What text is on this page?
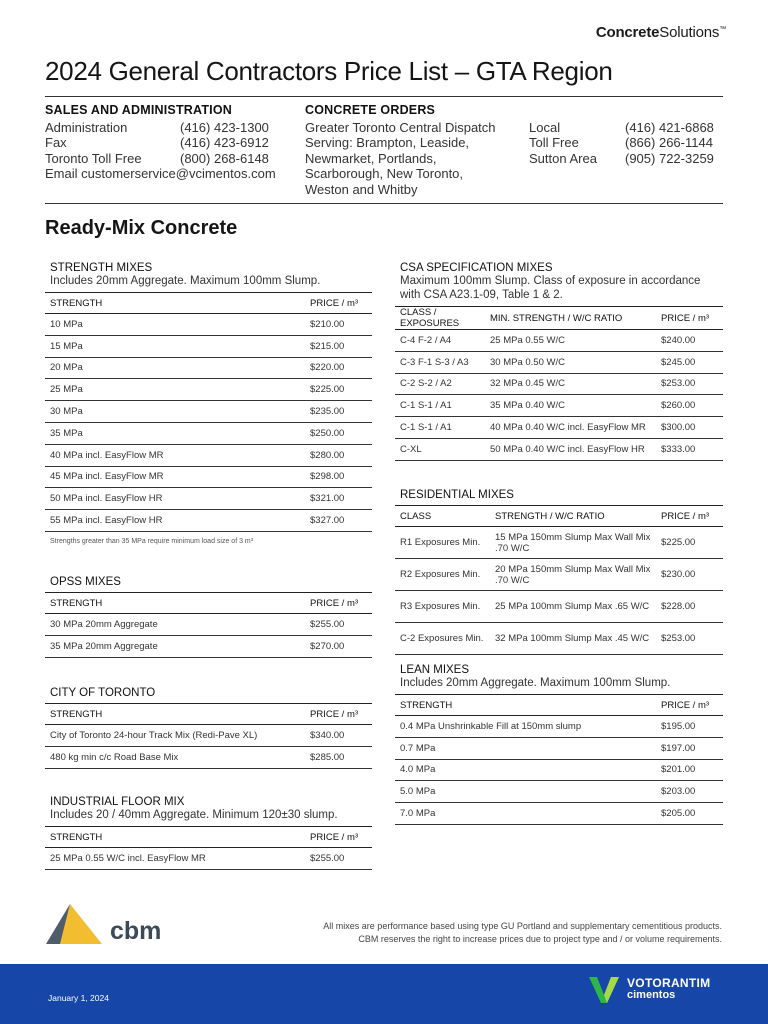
ConcreteSolutions™
2024 General Contractors Price List – GTA Region
SALES AND ADMINISTRATION
Administration	(416) 423-1300
Fax	(416) 423-6912
Toronto Toll Free	(800) 268-6148
Email customerservice@vcimentos.com
CONCRETE ORDERS
Greater Toronto Central Dispatch
Serving: Brampton, Leaside,
Newmarket, Portlands,
Scarborough, New Toronto,
Weston and Whitby
Local	(416) 421-6868
Toll Free	(866) 266-1144
Sutton Area	(905) 722-3259
Ready-Mix Concrete
STRENGTH MIXES
Includes 20mm Aggregate. Maximum 100mm Slump.
STRENGTH	PRICE / m³
10 MPa	$210.00
15 MPa	$215.00
20 MPa	$220.00
25 MPa	$225.00
30 MPa	$235.00
35 MPa	$250.00
40 MPa incl. EasyFlow MR	$280.00
45 MPa incl. EasyFlow MR	$298.00
50 MPa incl. EasyFlow HR	$321.00
55 MPa incl. EasyFlow HR	$327.00
Strengths greater than 35 MPa require minimum load size of 3 m³
OPSS MIXES
STRENGTH	PRICE / m³
30 MPa 20mm Aggregate	$255.00
35 MPa 20mm Aggregate	$270.00
CITY OF TORONTO
STRENGTH	PRICE / m³
City of Toronto 24-hour Track Mix (Redi-Pave XL)	$340.00
480 kg min c/c Road Base Mix	$285.00
INDUSTRIAL FLOOR MIX
Includes 20 / 40mm Aggregate. Minimum 120±30 slump.
STRENGTH	PRICE / m³
25 MPa 0.55 W/C incl. EasyFlow MR	$255.00
CSA SPECIFICATION MIXES
Maximum 100mm Slump. Class of exposure in accordance with CSA A23.1-09, Table 1 & 2.
CLASS / EXPOSURES	MIN. STRENGTH / W/C RATIO	PRICE / m³
C-4 F-2 / A4	25 MPa 0.55 W/C	$240.00
C-3 F-1 S-3 / A3	30 MPa 0.50 W/C	$245.00
C-2 S-2 / A2	32 MPa 0.45 W/C	$253.00
C-1 S-1 / A1	35 MPa 0.40 W/C	$260.00
C-1 S-1 / A1	40 MPa 0.40 W/C incl. EasyFlow MR	$300.00
C-XL	50 MPa 0.40 W/C incl. EasyFlow HR	$333.00
RESIDENTIAL MIXES
CLASS	STRENGTH / W/C RATIO	PRICE / m³
R1 Exposures Min.	15 MPa 150mm Slump Max Wall Mix .70 W/C	$225.00
R2 Exposures Min.	20 MPa 150mm Slump Max Wall Mix .70 W/C	$230.00
R3 Exposures Min.	25 MPa 100mm Slump Max .65 W/C	$228.00
C-2 Exposures Min.	32 MPa 100mm Slump Max .45 W/C	$253.00
LEAN MIXES
Includes 20mm Aggregate. Maximum 100mm Slump.
STRENGTH	PRICE / m³
0.4 MPa Unshrinkable Fill at 150mm slump	$195.00
0.7 MPa	$197.00
4.0 MPa	$201.00
5.0 MPa	$203.00
7.0 MPa	$205.00
cbm	All mixes are performance based using type GU Portland and supplementary cementitious products.
CBM reserves the right to increase prices due to project type and / or volume requirements.
January 1, 2024
VOTORANTIM
cimentos
